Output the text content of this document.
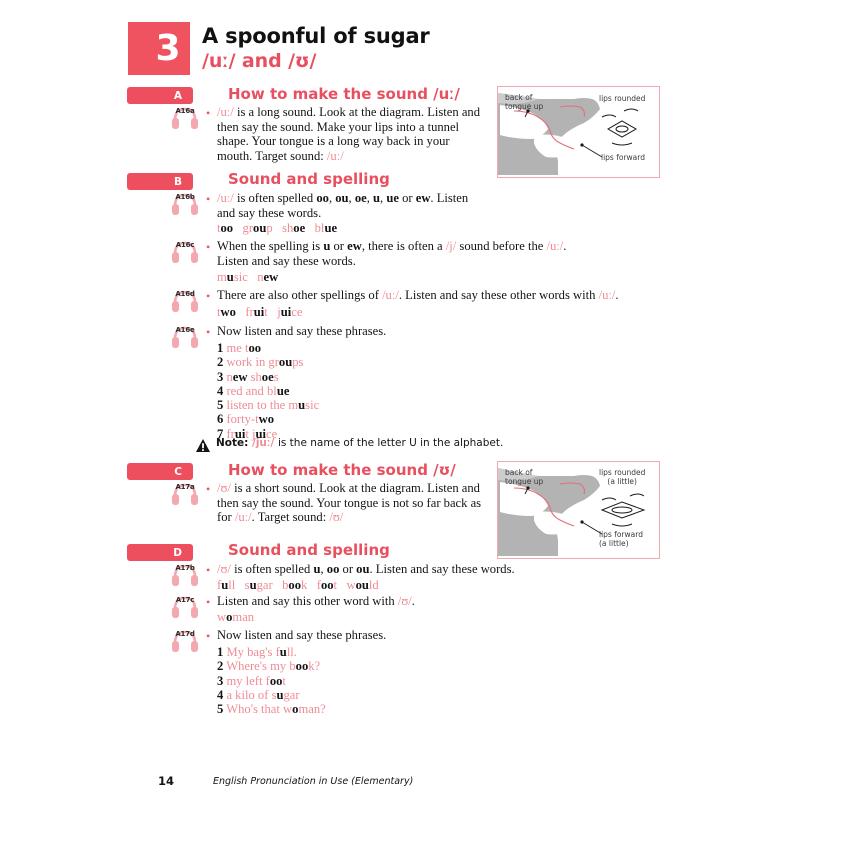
3	A spoonful of sugar
/uː/ and /ʊ/
A	How to make the sound /uː/
A16a • /uː/ is a long sound. Look at the diagram. Listen and then say the sound. Make your lips into a tunnel shape. Your tongue is a long way back in your mouth. Target sound: /uː/
back of
tongue up
lips rounded
lips forward
B	Sound and spelling
A16b • /uː/ is often spelled oo, ou, oe, u, ue or ew. Listen and say these words.
too   group   shoe   blue
A16c • When the spelling is u or ew, there is often a /j/ sound before the /uː/. Listen and say these words.
music   new
A16d • There are also other spellings of /uː/. Listen and say these other words with /uː/.
two   fruit   juice
A16e • Now listen and say these phrases.
1 me too
2 work in groups
3 new shoes
4 red and blue
5 listen to the music
6 forty-two
7 fruit juice
Note: /juː/ is the name of the letter U in the alphabet.
C	How to make the sound /ʊ/
A17a • /ʊ/ is a short sound. Look at the diagram. Listen and then say the sound. Your tongue is not so far back as for /uː/. Target sound: /ʊ/
back of
tongue up
lips rounded
(a little)
lips forward
(a little)
D	Sound and spelling
A17b • /ʊ/ is often spelled u, oo or ou. Listen and say these words.
full   sugar   book   foot   would
A17c • Listen and say this other word with /ʊ/.
woman
A17d • Now listen and say these phrases.
1 My bag's full.
2 Where's my book?
3 my left foot
4 a kilo of sugar
5 Who's that woman?
14	English Pronunciation in Use (Elementary)
